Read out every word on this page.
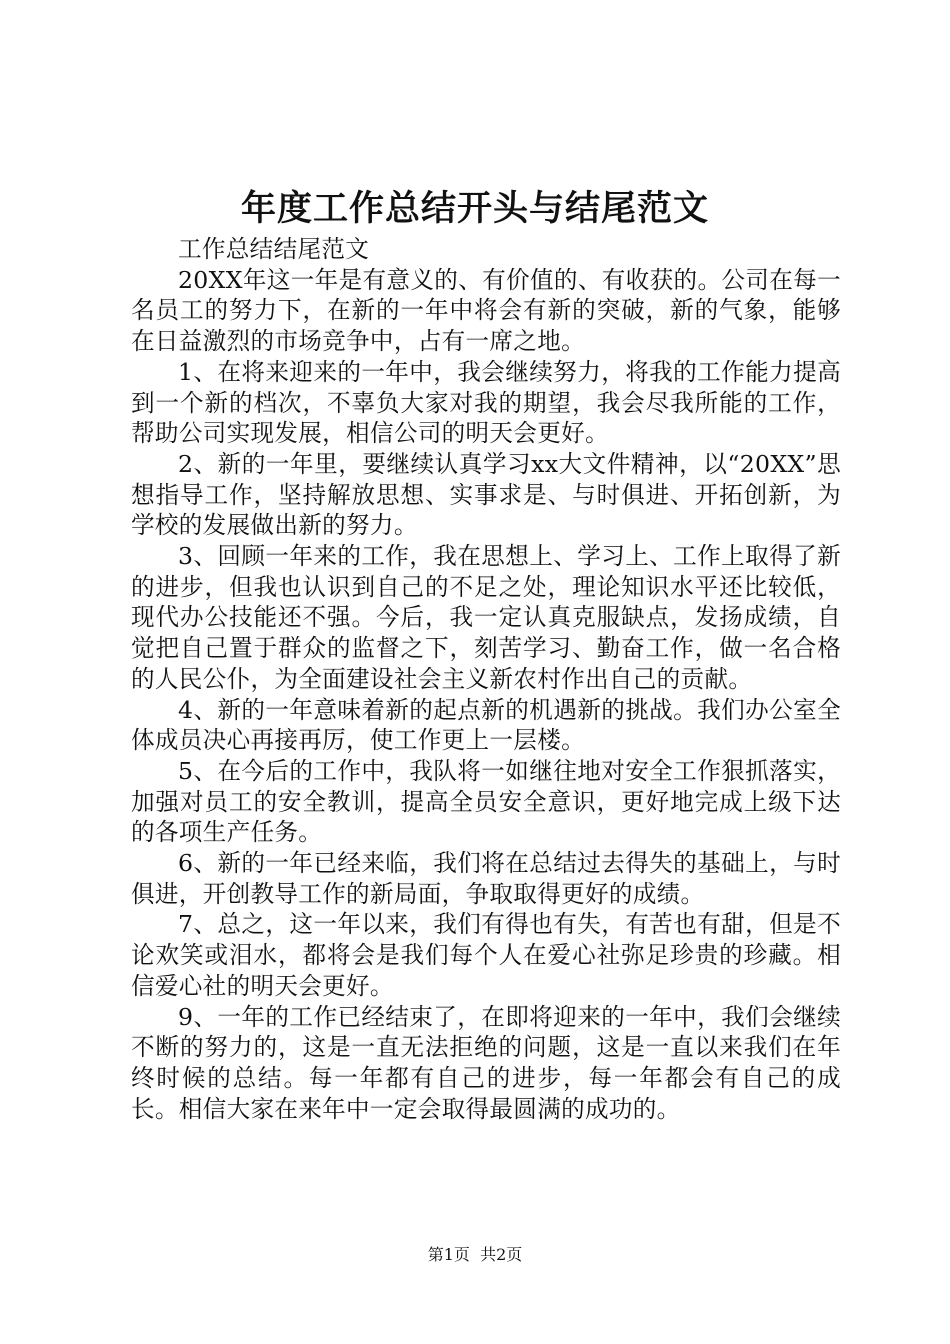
年度工作总结开头与结尾范文

工作总结结尾范文

20XX年这一年是有意义的、有价值的、有收获的。公司在每一名员工的努力下，在新的一年中将会有新的突破，新的气象，能够在日益激烈的市场竞争中，占有一席之地。

1、在将来迎来的一年中，我会继续努力，将我的工作能力提高到一个新的档次，不辜负大家对我的期望，我会尽我所能的工作，帮助公司实现发展，相信公司的明天会更好。

2、新的一年里，要继续认真学习xx大文件精神，以“20XX”思想指导工作，坚持解放思想、实事求是、与时俱进、开拓创新，为学校的发展做出新的努力。

3、回顾一年来的工作，我在思想上、学习上、工作上取得了新的进步，但我也认识到自己的不足之处，理论知识水平还比较低，现代办公技能还不强。今后，我一定认真克服缺点，发扬成绩，自觉把自己置于群众的监督之下，刻苦学习、勤奋工作，做一名合格的人民公仆，为全面建设社会主义新农村作出自己的贡献。

4、新的一年意味着新的起点新的机遇新的挑战。我们办公室全体成员决心再接再厉，使工作更上一层楼。

5、在今后的工作中，我队将一如继往地对安全工作狠抓落实，加强对员工的安全教训，提高全员安全意识，更好地完成上级下达的各项生产任务。

6、新的一年已经来临，我们将在总结过去得失的基础上，与时俱进，开创教导工作的新局面，争取取得更好的成绩。

7、总之，这一年以来，我们有得也有失，有苦也有甜，但是不论欢笑或泪水，都将会是我们每个人在爱心社弥足珍贵的珍藏。相信爱心社的明天会更好。

9、一年的工作已经结束了，在即将迎来的一年中，我们会继续不断的努力的，这是一直无法拒绝的问题，这是一直以来我们在年终时候的总结。每一年都有自己的进步，每一年都会有自己的成长。相信大家在来年中一定会取得最圆满的成功的。

第1页 共2页
